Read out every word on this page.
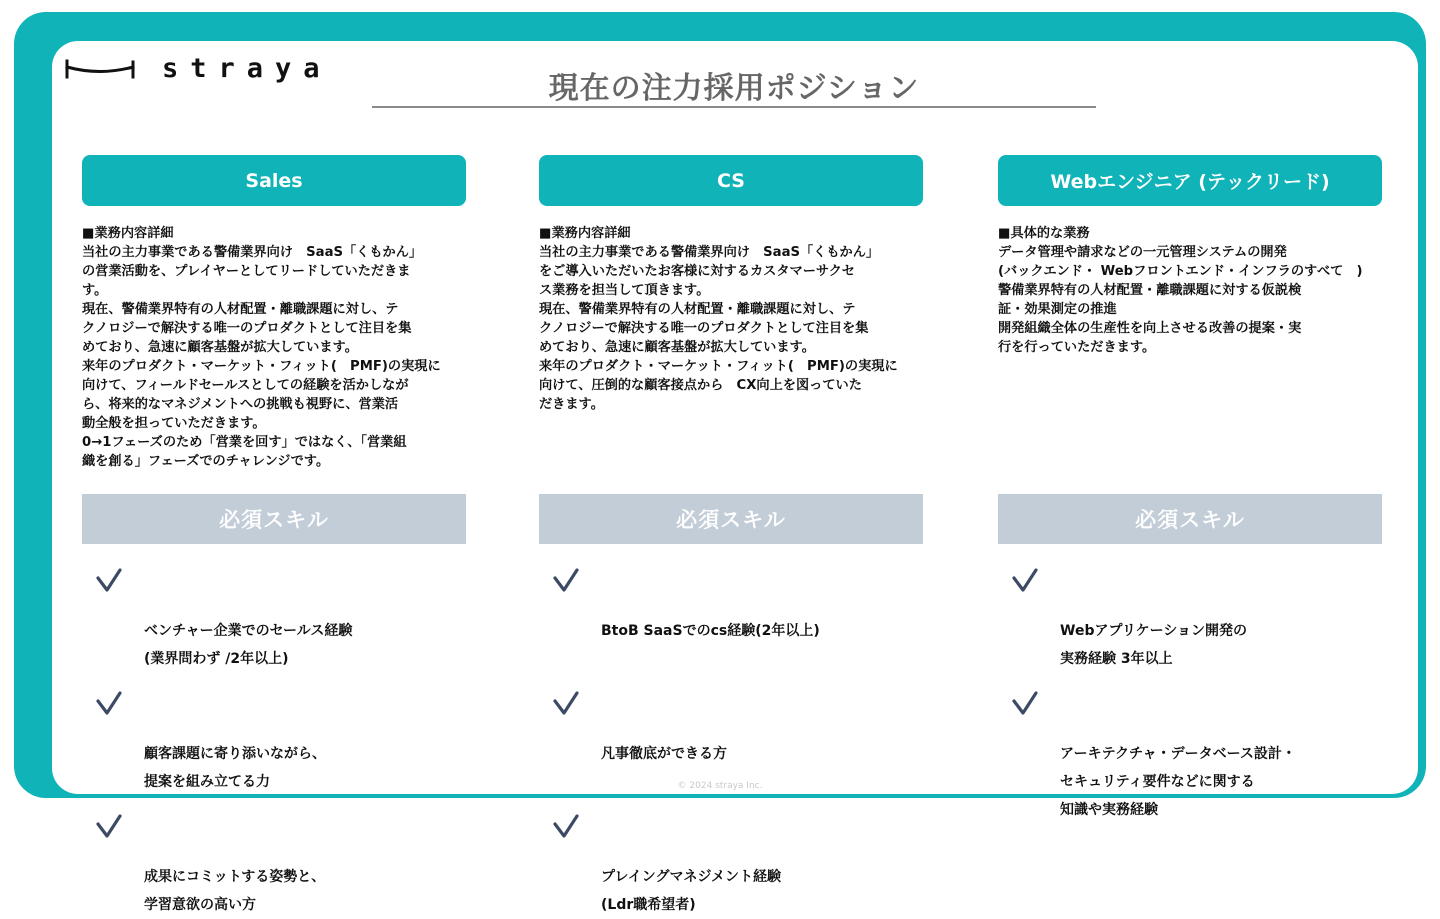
straya
現在の注力採用ポジション
Sales
■業務内容詳細
当社の主力事業である警備業界向け　SaaS「くもかん」
の営業活動を、プレイヤーとしてリードしていただきま
す。
現在、警備業界特有の人材配置・離職課題に対し、テ
クノロジーで解決する唯一のプロダクトとして注目を集
めており、急速に顧客基盤が拡大しています。
来年のプロダクト・マーケット・フィット(　PMF)の実現に
向けて、フィールドセールスとしての経験を活かしなが
ら、将来的なマネジメントへの挑戦も視野に、営業活
動全般を担っていただきます。
0→1フェーズのため「営業を回す」ではなく、「営業組
織を創る」フェーズでのチャレンジです。
必須スキル

ベンチャー企業でのセールス経験
(業界問わず /2年以上)

顧客課題に寄り添いながら、
提案を組み立てる力

成果にコミットする姿勢と、
学習意欲の高い方

CS
■業務内容詳細
当社の主力事業である警備業界向け　SaaS「くもかん」
をご導入いただいたお客様に対するカスタマーサクセ
ス業務を担当して頂きます。
現在、警備業界特有の人材配置・離職課題に対し、テ
クノロジーで解決する唯一のプロダクトとして注目を集
めており、急速に顧客基盤が拡大しています。
来年のプロダクト・マーケット・フィット(　PMF)の実現に
向けて、圧倒的な顧客接点から　CX向上を図っていた
だきます。
必須スキル

BtoB SaaSでのcs経験(2年以上)

凡事徹底ができる方

プレイングマネジメント経験
(Ldr職希望者)

Webエンジニア (テックリード)
■具体的な業務
データ管理や請求などの一元管理システムの開発
(バックエンド・ Webフロントエンド・インフラのすべて　)
警備業界特有の人材配置・離職課題に対する仮説検
証・効果測定の推進
開発組織全体の生産性を向上させる改善の提案・実
行を行っていただきます。
必須スキル

Webアプリケーション開発の
実務経験 3年以上

アーキテクチャ・データベース設計・
セキュリティ要件などに関する
知識や実務経験

© 2024 straya Inc.
